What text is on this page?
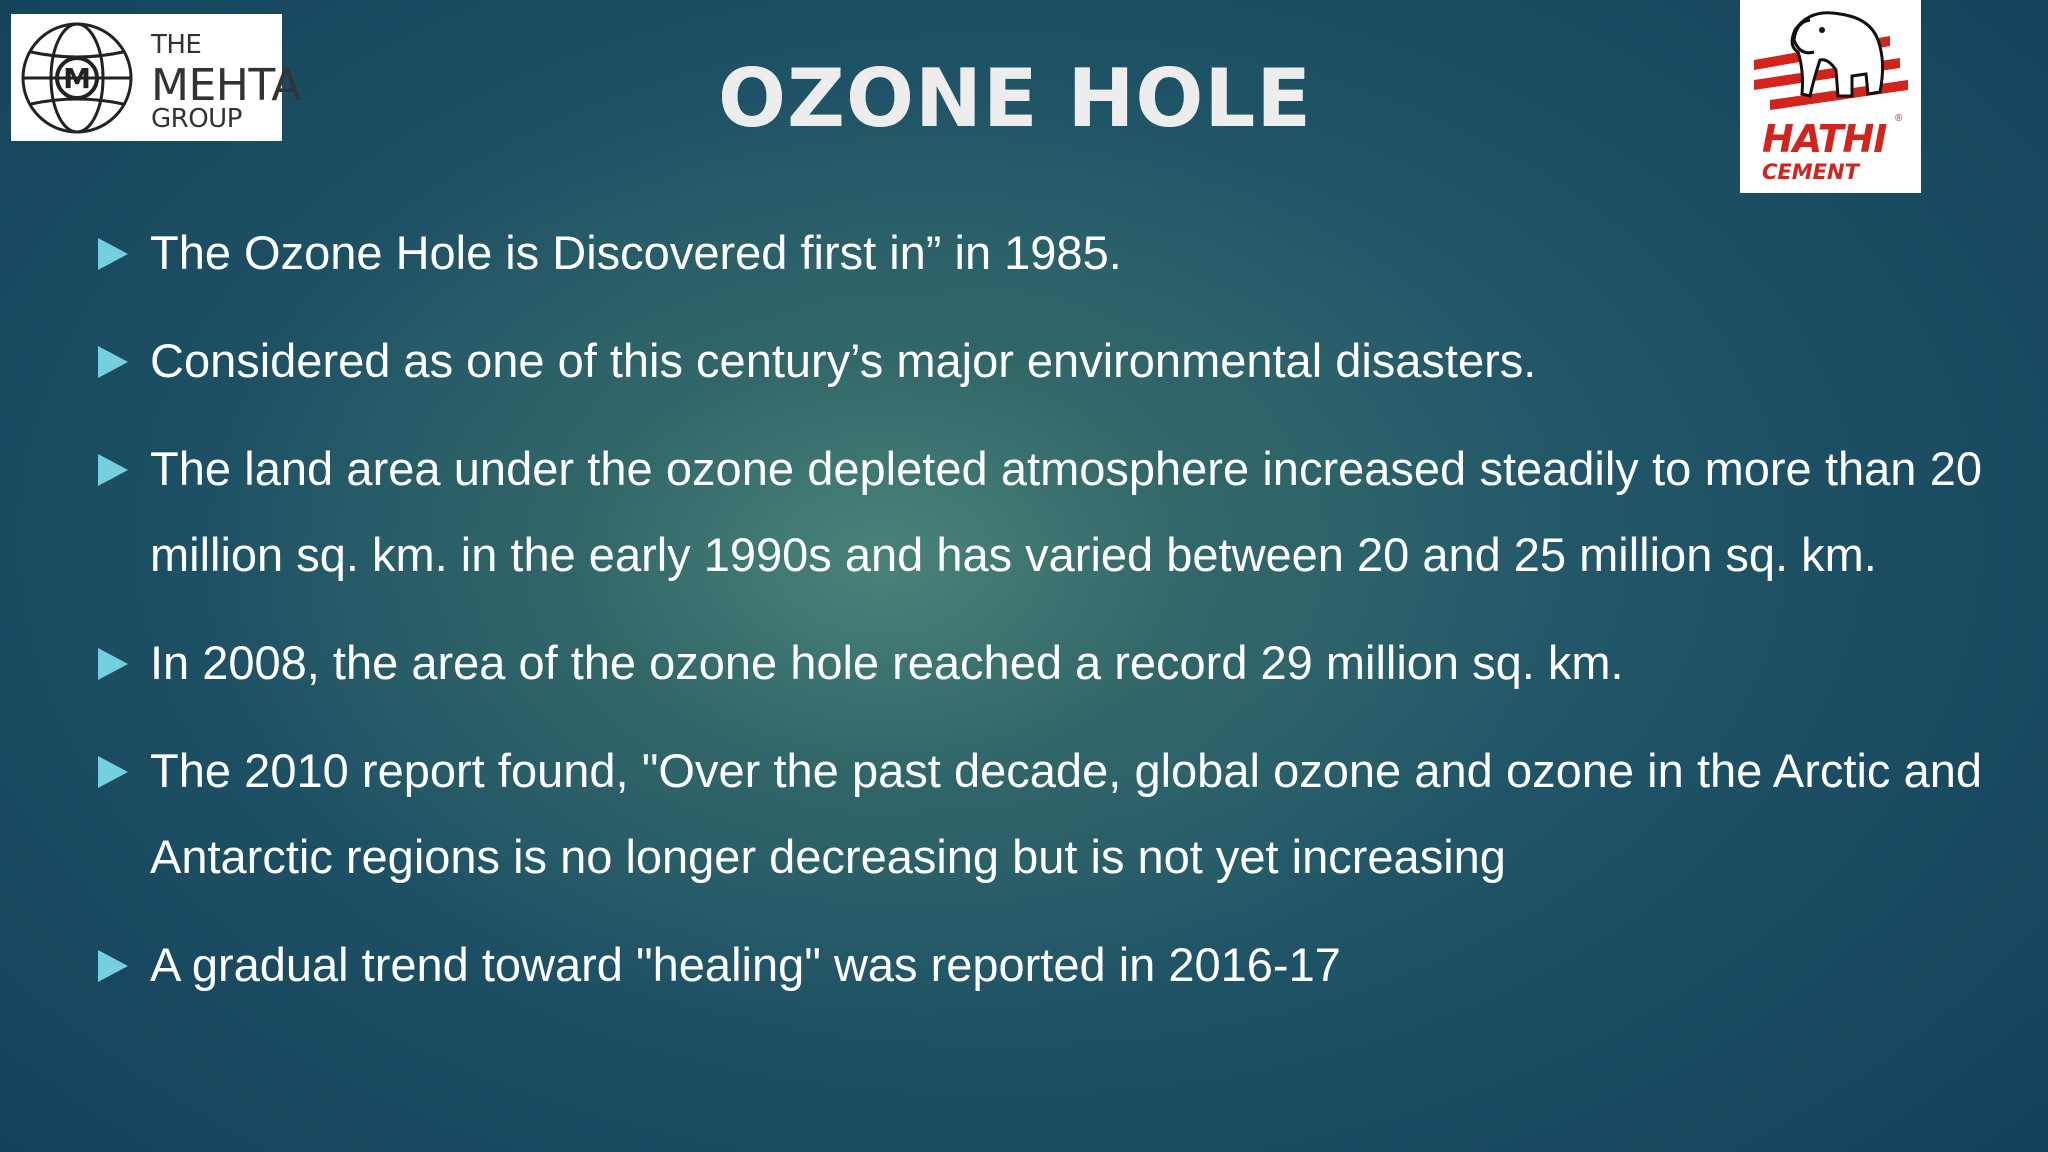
M
THE
MEHTA
GROUP	OZONE HOLE	®
HATHI
CEMENT
The Ozone Hole is Discovered first in” in 1985.
Considered as one of this century’s major environmental disasters.
The land area under the ozone depleted atmosphere increased steadily to more than 20 million sq. km. in the early 1990s and has varied between 20 and 25 million sq. km.
In 2008, the area of the ozone hole reached a record 29 million sq. km.
The 2010 report found, "Over the past decade, global ozone and ozone in the Arctic and Antarctic regions is no longer decreasing but is not yet increasing
A gradual trend toward "healing" was reported in 2016-17
